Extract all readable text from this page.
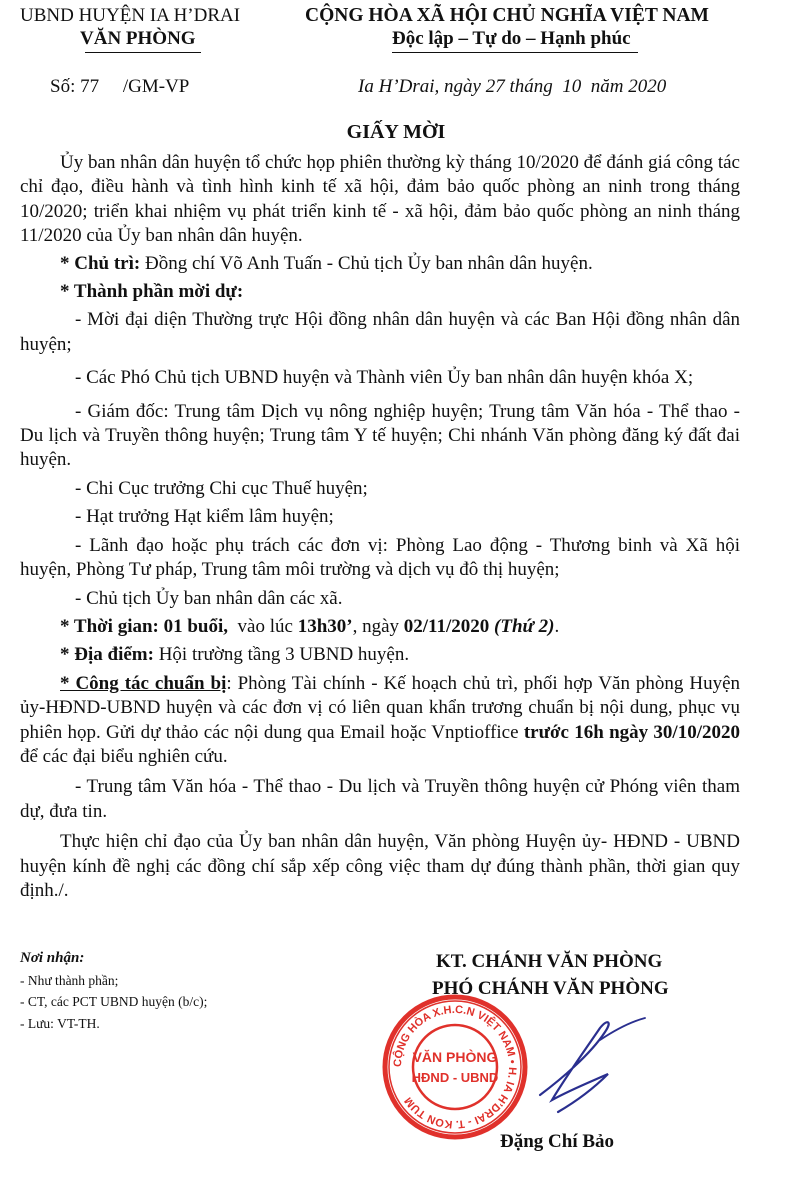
UBND HUYỆN IA H’DRAI
VĂN PHÒNG
CỘNG HÒA XÃ HỘI CHỦ NGHĨA VIỆT NAM
Độc lập – Tự do – Hạnh phúc
Số: 77     /GM-VP	Ia H’Drai, ngày 27 tháng  10  năm 2020
GIẤY MỜI

Ủy ban nhân dân huyện tổ chức họp phiên thường kỳ tháng 10/2020 để đánh giá công tác chỉ đạo, điều hành và tình hình kinh tế xã hội, đảm bảo quốc phòng an ninh trong tháng 10/2020; triển khai nhiệm vụ phát triển kinh tế - xã hội, đảm bảo quốc phòng an ninh tháng 11/2020 của Ủy ban nhân dân huyện.

* Chủ trì: Đồng chí Võ Anh Tuấn - Chủ tịch Ủy ban nhân dân huyện.

* Thành phần mời dự:

- Mời đại diện Thường trực Hội đồng nhân dân huyện và các Ban Hội đồng nhân dân huyện;

- Các Phó Chủ tịch UBND huyện và Thành viên Ủy ban nhân dân huyện khóa X;

- Giám đốc: Trung tâm Dịch vụ nông nghiệp huyện; Trung tâm Văn hóa - Thể thao - Du lịch và Truyền thông huyện; Trung tâm Y tế huyện; Chi nhánh Văn phòng đăng ký đất đai huyện.

- Chi Cục trưởng Chi cục Thuế huyện;

- Hạt trưởng Hạt kiểm lâm huyện;

- Lãnh đạo hoặc phụ trách các đơn vị: Phòng Lao động - Thương binh và Xã hội huyện, Phòng Tư pháp, Trung tâm môi trường và dịch vụ đô thị huyện;

- Chủ tịch Ủy ban nhân dân các xã.

* Thời gian: 01 buổi,  vào lúc 13h30’, ngày 02/11/2020 (Thứ 2).

* Địa điểm: Hội trường tầng 3 UBND huyện.

* Công tác chuẩn bị: Phòng Tài chính - Kế hoạch chủ trì, phối hợp Văn phòng Huyện ủy-HĐND-UBND huyện và các đơn vị có liên quan khẩn trương chuẩn bị nội dung, phục vụ phiên họp. Gửi dự thảo các nội dung qua Email hoặc Vnptioffice trước 16h ngày 30/10/2020 để các đại biểu nghiên cứu.

- Trung tâm Văn hóa - Thể thao - Du lịch và Truyền thông huyện cử Phóng viên tham dự, đưa tin.

Thực hiện chỉ đạo của Ủy ban nhân dân huyện, Văn phòng Huyện ủy- HĐND - UBND huyện kính đề nghị các đồng chí sắp xếp công việc tham dự đúng thành phần, thời gian quy định./.

Nơi nhận:
- Như thành phần;
- CT, các PCT UBND huyện (b/c);
- Lưu: VT-TH.
KT. CHÁNH VĂN PHÒNG
PHÓ CHÁNH VĂN PHÒNG
CỘNG HÒA X.H.C.N VIỆT NAM • H. IA H’DRAI - T. KON TUM
VĂN PHÒNG
HĐND - UBND
Đặng Chí Bảo
